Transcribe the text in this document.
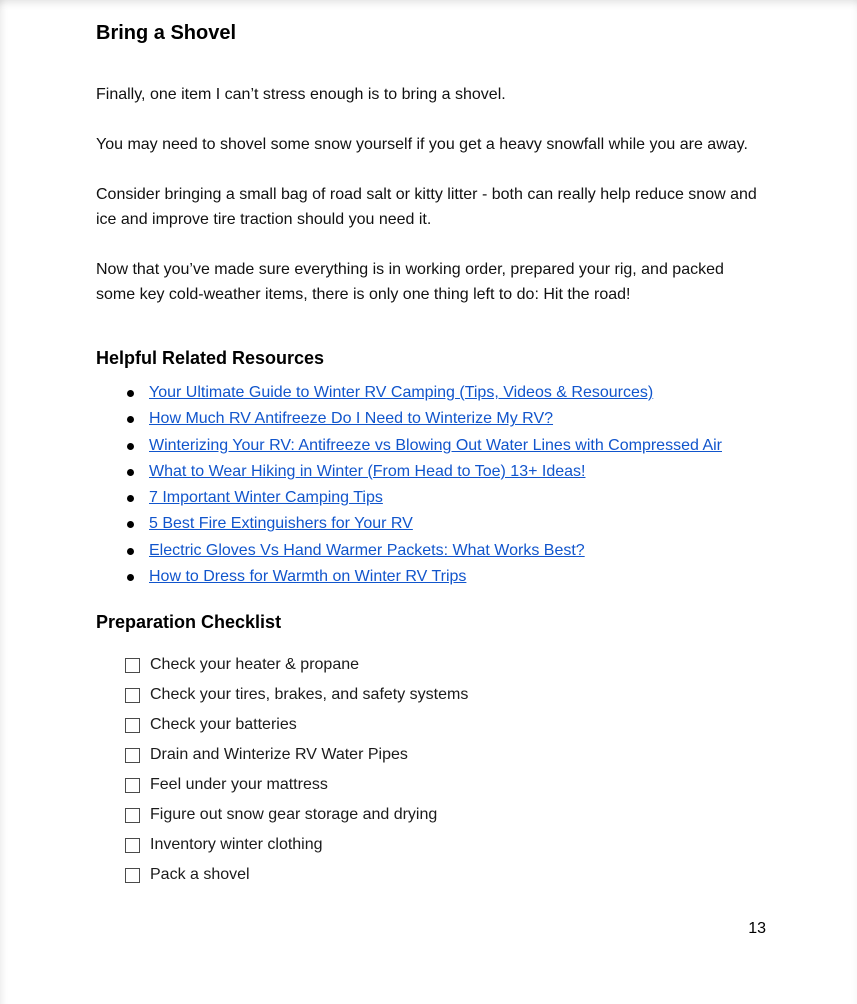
Bring a Shovel

Finally, one item I can’t stress enough is to bring a shovel.

You may need to shovel some snow yourself if you get a heavy snowfall while you are away.

Consider bringing a small bag of road salt or kitty litter - both can really help reduce snow and ice and improve tire traction should you need it.

Now that you’ve made sure everything is in working order, prepared your rig, and packed some key cold-weather items, there is only one thing left to do: Hit the road!

Helpful Related Resources
Your Ultimate Guide to Winter RV Camping (Tips, Videos & Resources)
How Much RV Antifreeze Do I Need to Winterize My RV?
Winterizing Your RV: Antifreeze vs Blowing Out Water Lines with Compressed Air
What to Wear Hiking in Winter (From Head to Toe) 13+ Ideas!
7 Important Winter Camping Tips
5 Best Fire Extinguishers for Your RV
Electric Gloves Vs Hand Warmer Packets: What Works Best?
How to Dress for Warmth on Winter RV Trips
Preparation Checklist
Check your heater & propane
Check your tires, brakes, and safety systems
Check your batteries
Drain and Winterize RV Water Pipes
Feel under your mattress
Figure out snow gear storage and drying
Inventory winter clothing
Pack a shovel
13
